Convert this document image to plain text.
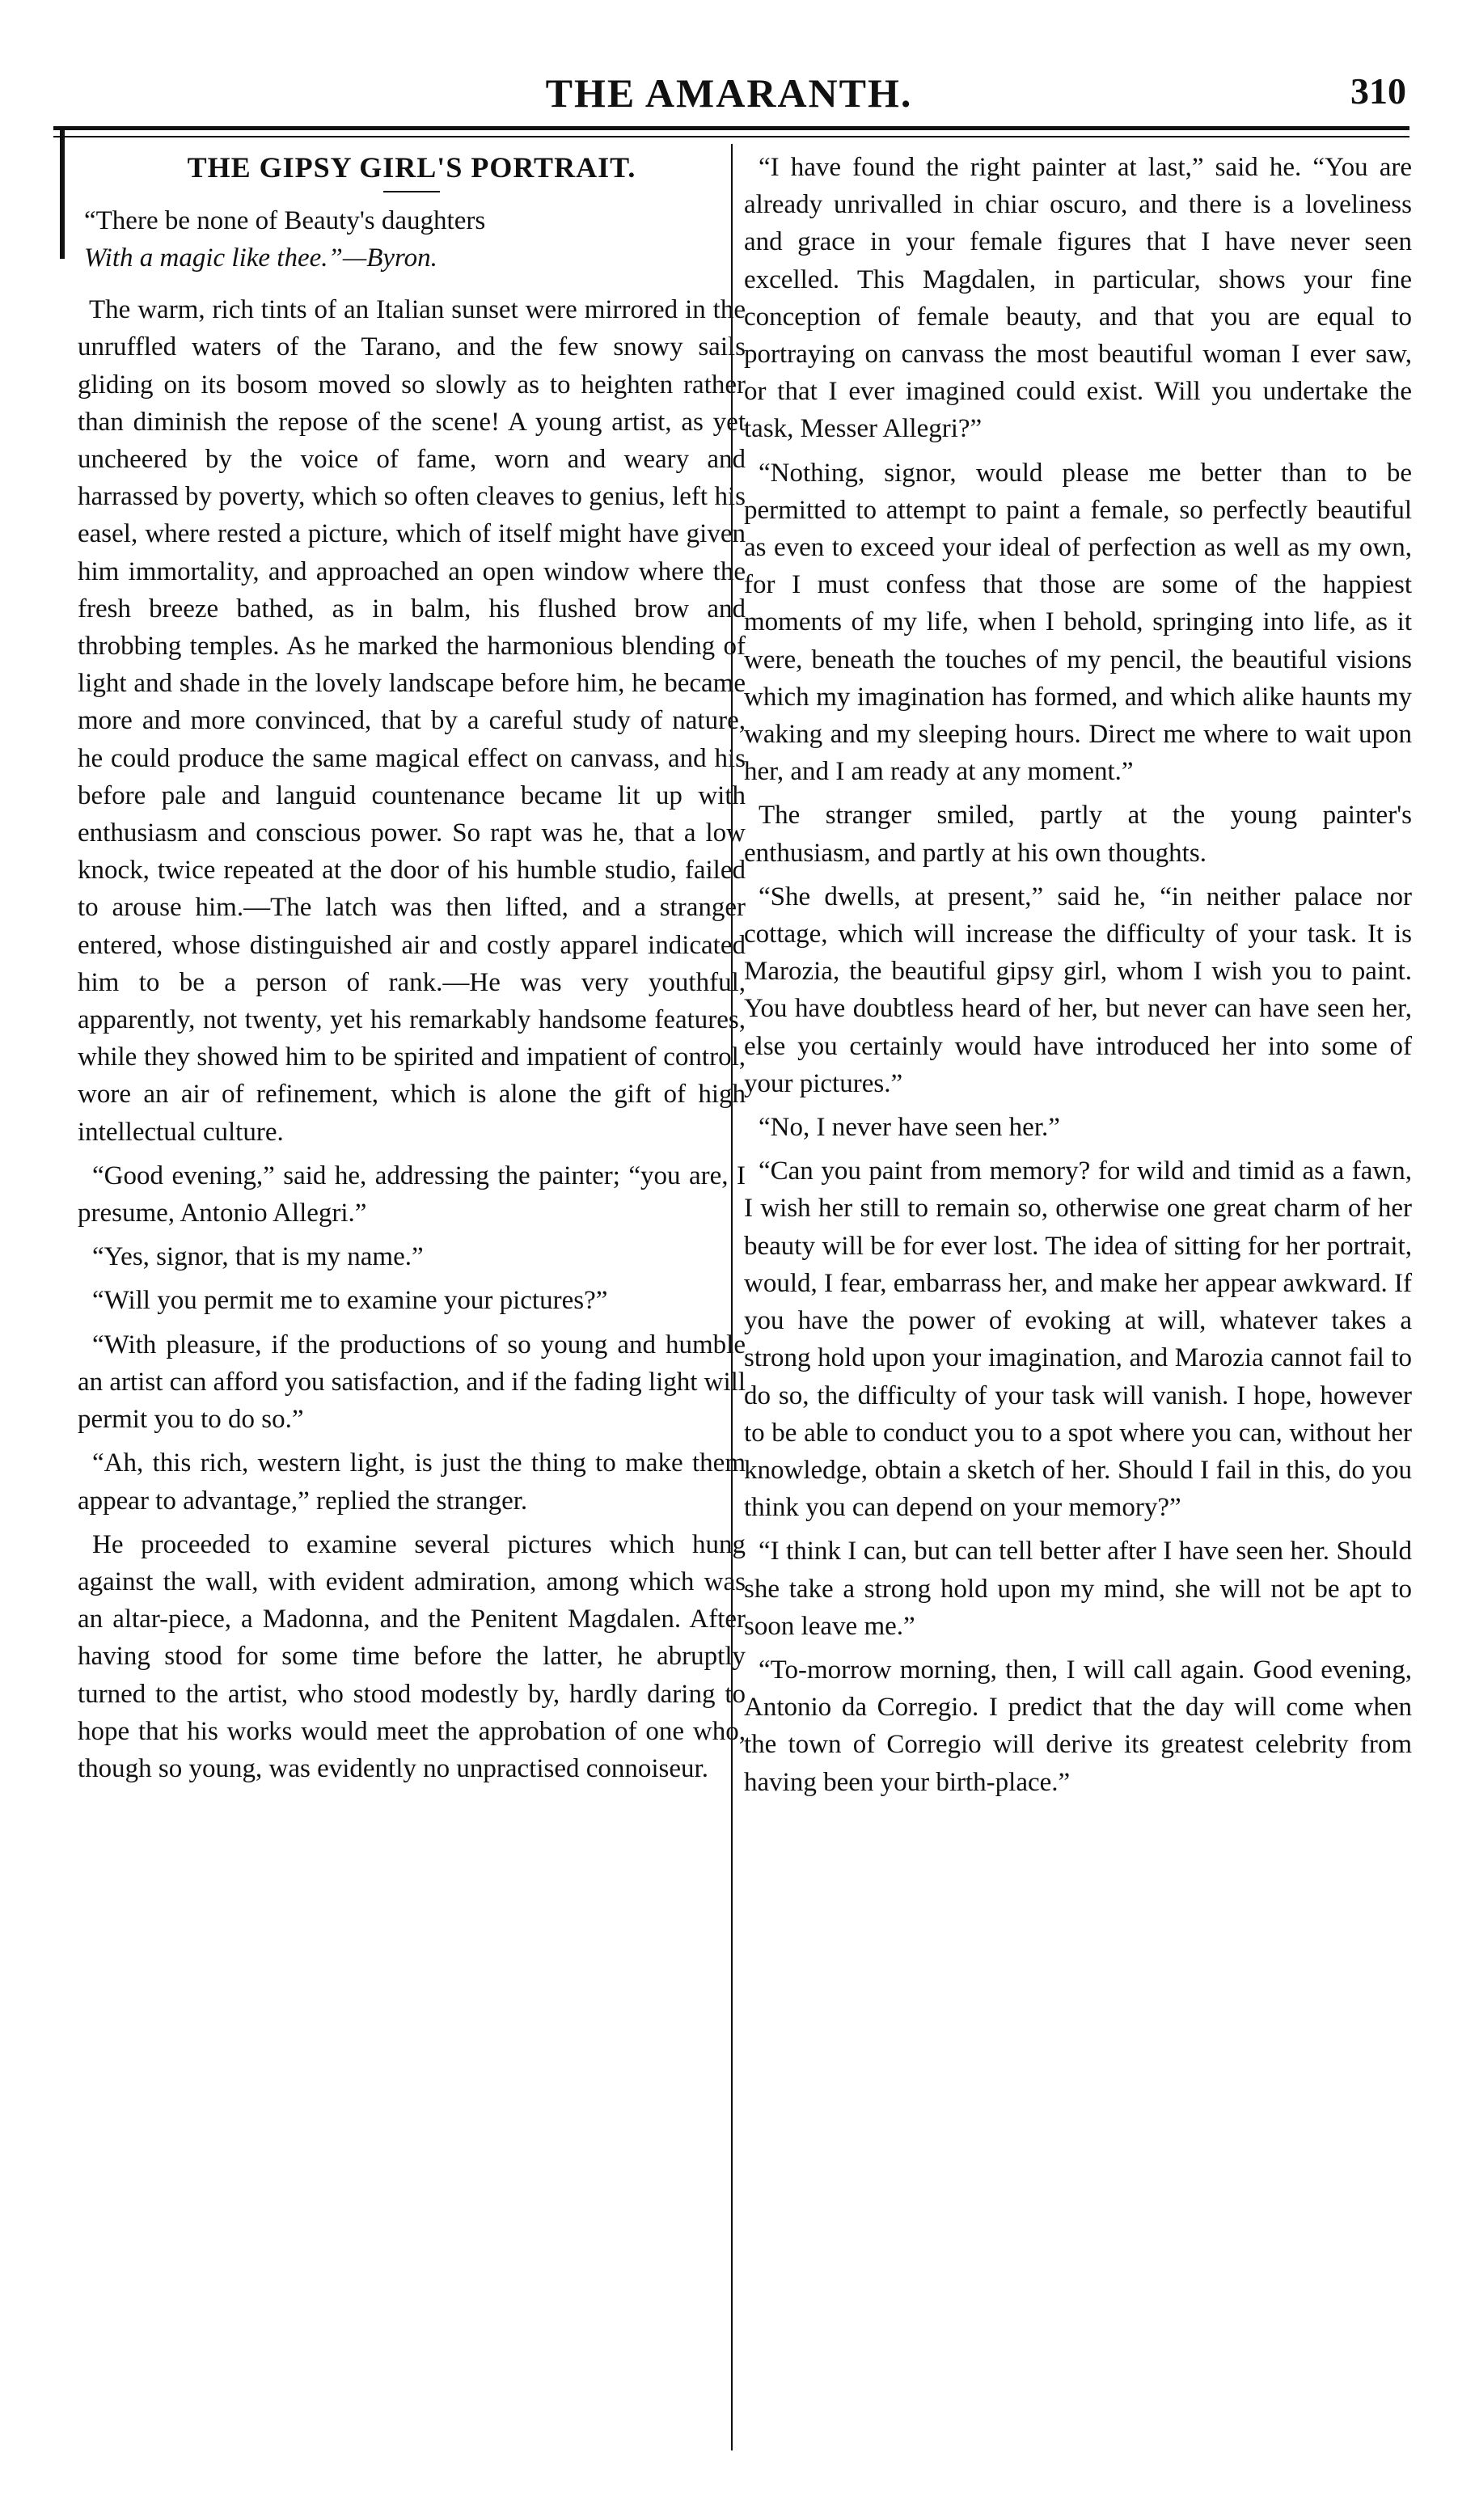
THE AMARANTH.	310
THE GIPSY GIRL'S PORTRAIT.
“There be none of Beauty's daughters
With a magic like thee.”—Byron.

The warm, rich tints of an Italian sunset were mirrored in the unruffled waters of the Tarano, and the few snowy sails gliding on its bosom moved so slowly as to heighten rather than diminish the repose of the scene! A young artist, as yet uncheered by the voice of fame, worn and weary and harrassed by poverty, which so often cleaves to genius, left his easel, where rested a picture, which of itself might have given him immortality, and approached an open window where the fresh breeze bathed, as in balm, his flushed brow and throbbing temples. As he marked the harmonious blending of light and shade in the lovely landscape before him, he became more and more convinced, that by a careful study of nature, he could produce the same magical effect on canvass, and his before pale and languid countenance became lit up with enthusiasm and conscious power. So rapt was he, that a low knock, twice repeated at the door of his humble studio, failed to arouse him.—The latch was then lifted, and a stranger entered, whose distinguished air and costly apparel indicated him to be a person of rank.—He was very youthful, apparently, not twenty, yet his remarkably handsome features, while they showed him to be spirited and impatient of control, wore an air of refinement, which is alone the gift of high intellectual culture.

“Good evening,” said he, addressing the painter; “you are, I presume, Antonio Allegri.”

“Yes, signor, that is my name.”

“Will you permit me to examine your pictures?”

“With pleasure, if the productions of so young and humble an artist can afford you satisfaction, and if the fading light will permit you to do so.”

“Ah, this rich, western light, is just the thing to make them appear to advantage,” replied the stranger.

He proceeded to examine several pictures which hung against the wall, with evident admiration, among which was an altar-piece, a Madonna, and the Penitent Magdalen. After having stood for some time before the latter, he abruptly turned to the artist, who stood modestly by, hardly daring to hope that his works would meet the approbation of one who, though so young, was evidently no unpractised connoiseur.

“I have found the right painter at last,” said he. “You are already unrivalled in chiar oscuro, and there is a loveliness and grace in your female figures that I have never seen excelled. This Magdalen, in particular, shows your fine conception of female beauty, and that you are equal to portraying on canvass the most beautiful woman I ever saw, or that I ever imagined could exist. Will you undertake the task, Messer Allegri?”

“Nothing, signor, would please me better than to be permitted to attempt to paint a female, so perfectly beautiful as even to exceed your ideal of perfection as well as my own, for I must confess that those are some of the happiest moments of my life, when I behold, springing into life, as it were, beneath the touches of my pencil, the beautiful visions which my imagination has formed, and which alike haunts my waking and my sleeping hours. Direct me where to wait upon her, and I am ready at any moment.”

The stranger smiled, partly at the young painter's enthusiasm, and partly at his own thoughts.

“She dwells, at present,” said he, “in neither palace nor cottage, which will increase the difficulty of your task. It is Marozia, the beautiful gipsy girl, whom I wish you to paint. You have doubtless heard of her, but never can have seen her, else you certainly would have introduced her into some of your pictures.”

“No, I never have seen her.”

“Can you paint from memory? for wild and timid as a fawn, I wish her still to remain so, otherwise one great charm of her beauty will be for ever lost. The idea of sitting for her portrait, would, I fear, embarrass her, and make her appear awkward. If you have the power of evoking at will, whatever takes a strong hold upon your imagination, and Marozia cannot fail to do so, the difficulty of your task will vanish. I hope, however to be able to conduct you to a spot where you can, without her knowledge, obtain a sketch of her. Should I fail in this, do you think you can depend on your memory?”

“I think I can, but can tell better after I have seen her. Should she take a strong hold upon my mind, she will not be apt to soon leave me.”

“To-morrow morning, then, I will call again. Good evening, Antonio da Corregio. I predict that the day will come when the town of Corregio will derive its greatest celebrity from having been your birth-place.”
